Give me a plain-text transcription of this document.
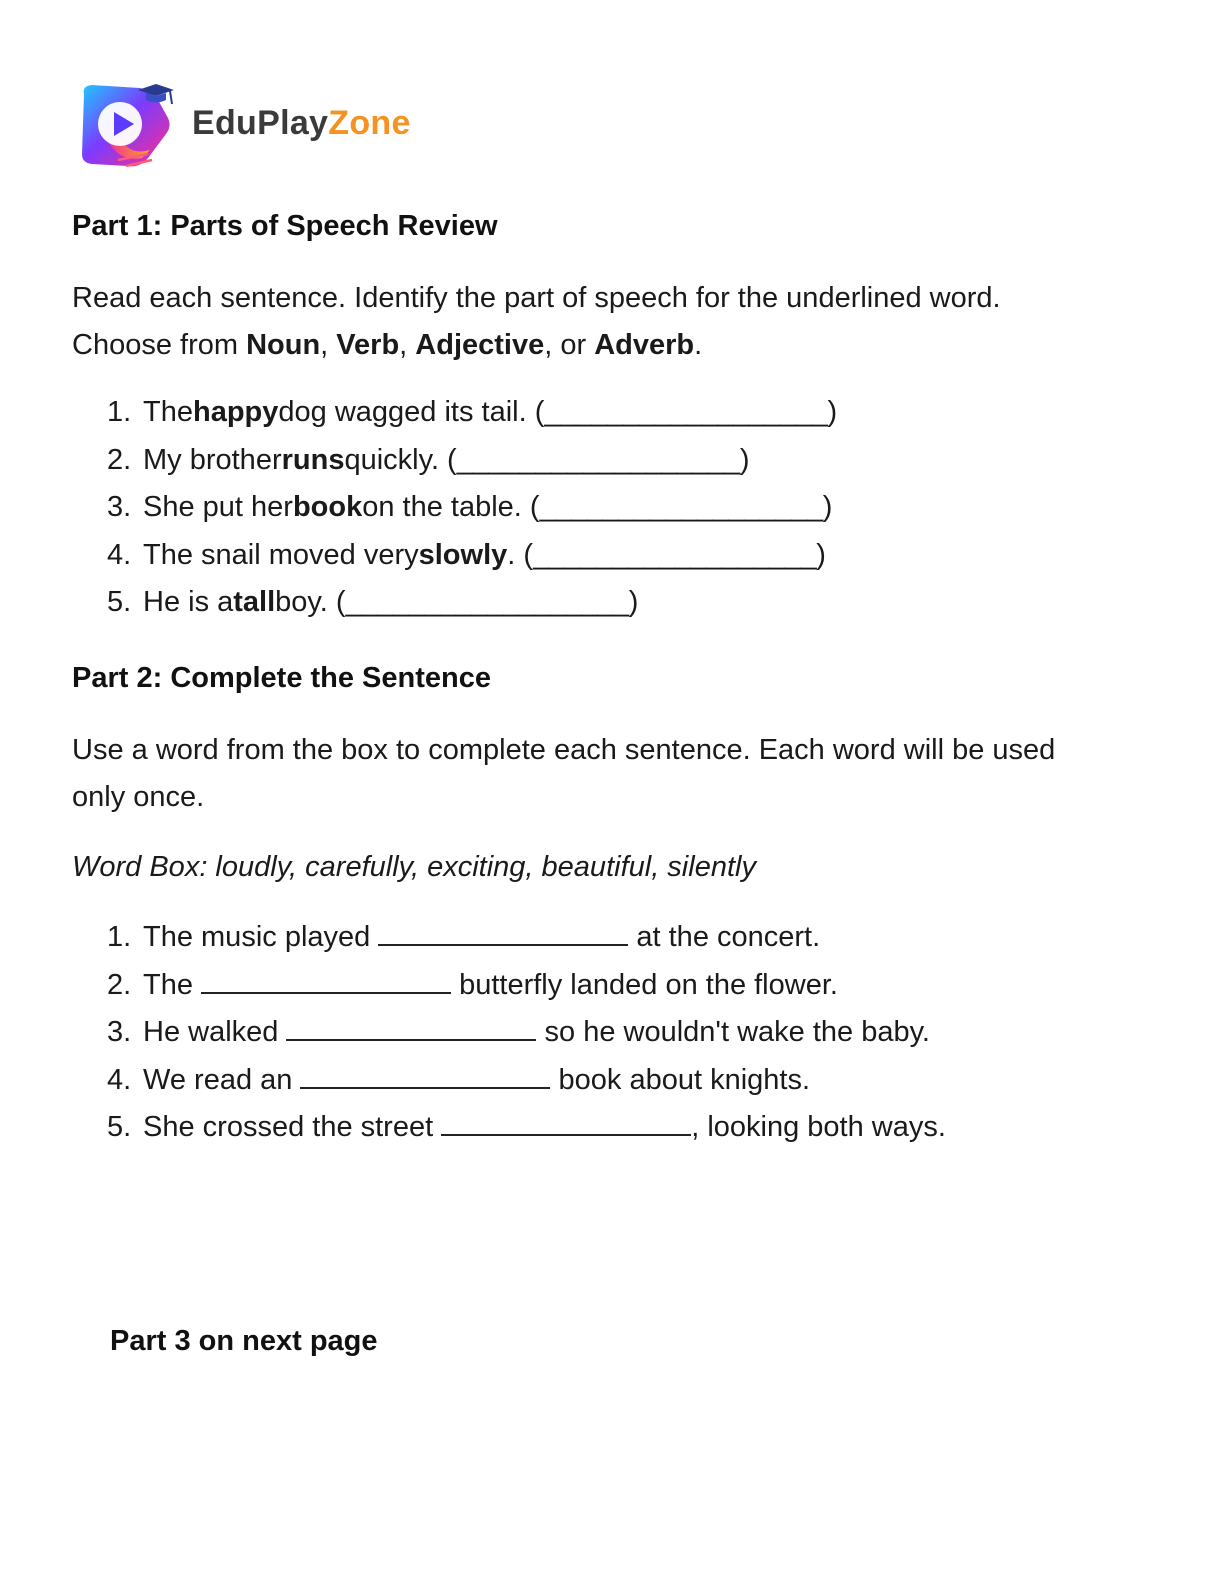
EduPlayZone
Part 1: Parts of Speech Review
Read each sentence. Identify the part of speech for the underlined word.
Choose from Noun, Verb, Adjective, or Adverb.
1. The happy dog wagged its tail. ( __________________ )
2. My brother runs quickly. ( __________________ )
3. She put her book on the table. ( __________________ )
4. The snail moved very slowly . ( __________________ )
5. He is a tall boy. ( __________________ )
Part 2: Complete the Sentence
Use a word from the box to complete each sentence. Each word will be used
only once.
Word Box: loudly, carefully, exciting, beautiful, silently
1. The music played	at the concert.
2. The	butterfly landed on the flower.
3. He walked	so he wouldn't wake the baby.
4. We read an	book about knights.
5. She crossed the street	, looking both ways.
Part 3 on next page
